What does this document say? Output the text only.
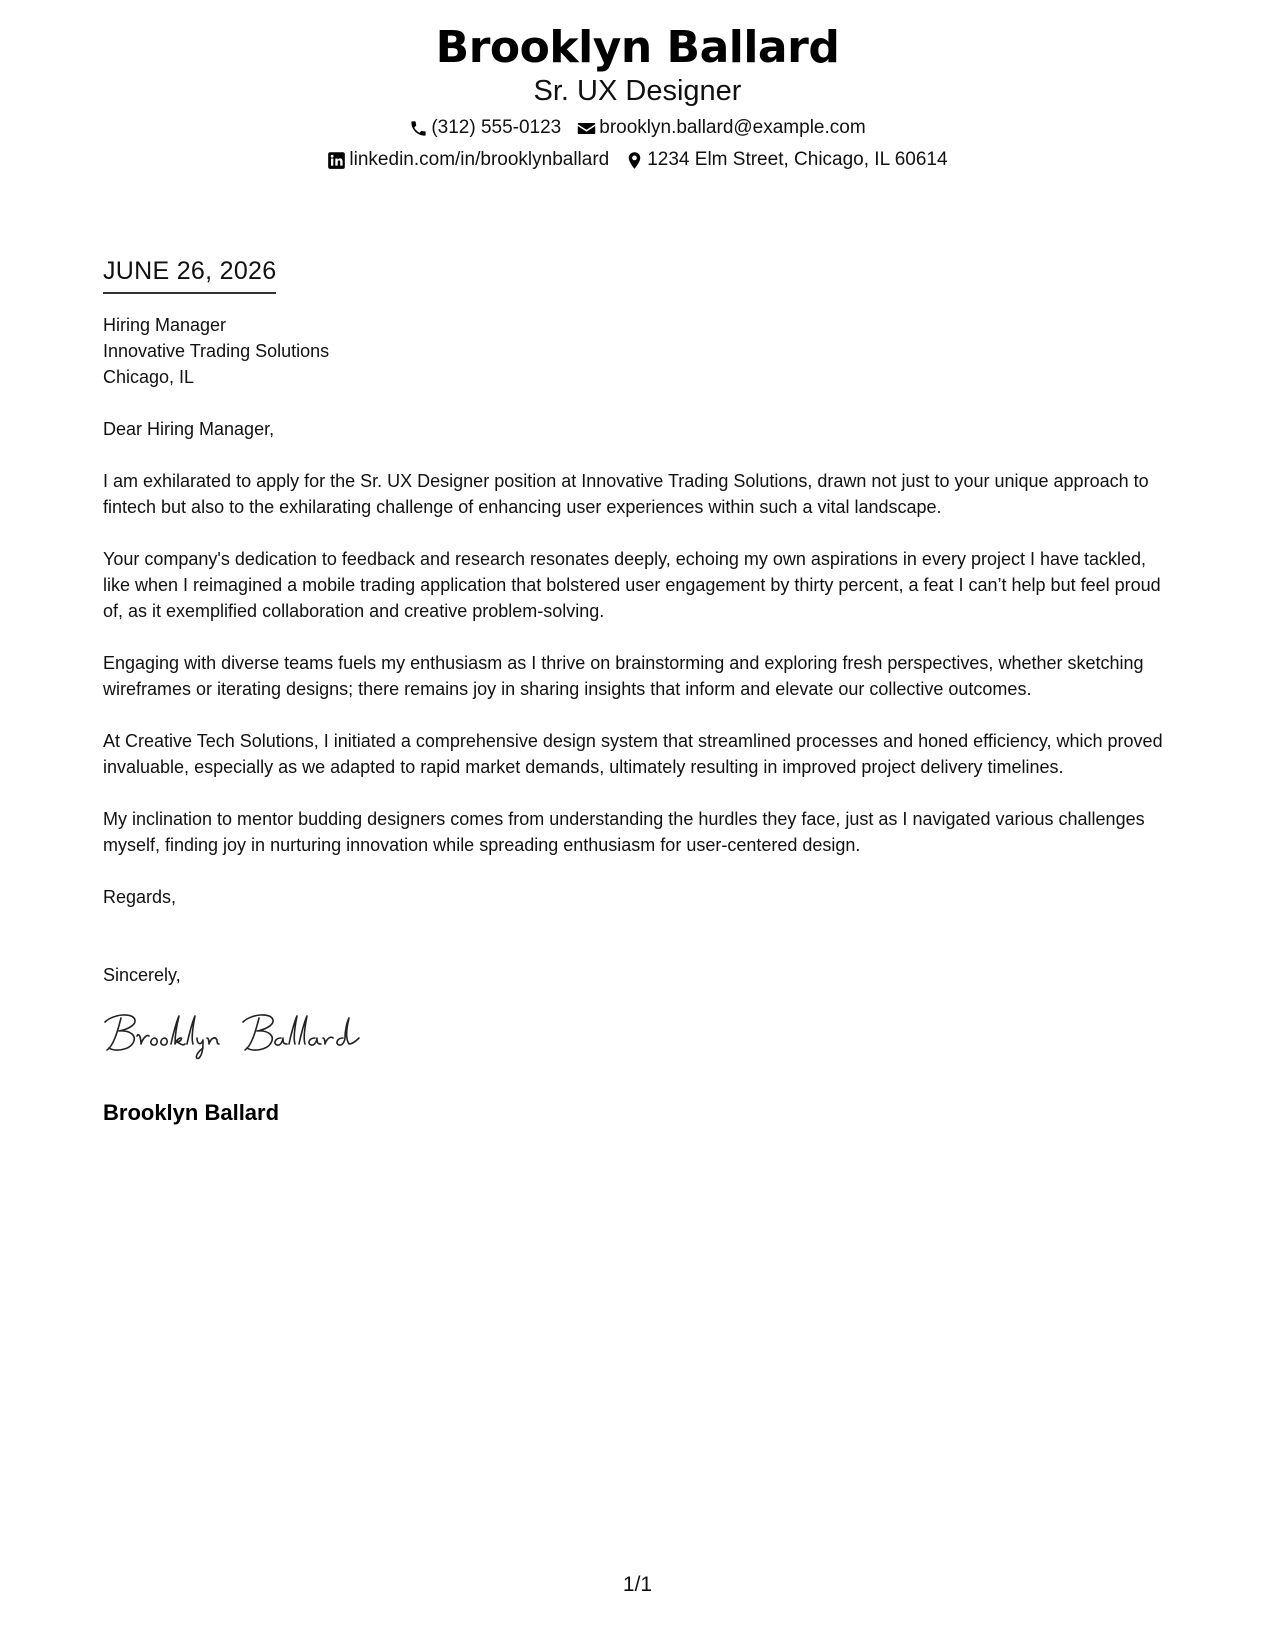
Brooklyn Ballard
Sr. UX Designer
(312) 555-0123 brooklyn.ballard@example.com
linkedin.com/in/brooklynballard 1234 Elm Street, Chicago, IL 60614
JUNE 26, 2026
Hiring Manager
Innovative Trading Solutions
Chicago, IL
Dear Hiring Manager,
I am exhilarated to apply for the Sr. UX Designer position at Innovative Trading Solutions, drawn not just to your unique approach to fintech but also to the exhilarating challenge of enhancing user experiences within such a vital landscape.
Your company's dedication to feedback and research resonates deeply, echoing my own aspirations in every project I have tackled, like when I reimagined a mobile trading application that bolstered user engagement by thirty percent, a feat I can’t help but feel proud of, as it exemplified collaboration and creative problem-solving.
Engaging with diverse teams fuels my enthusiasm as I thrive on brainstorming and exploring fresh perspectives, whether sketching wireframes or iterating designs; there remains joy in sharing insights that inform and elevate our collective outcomes.
At Creative Tech Solutions, I initiated a comprehensive design system that streamlined processes and honed efficiency, which proved invaluable, especially as we adapted to rapid market demands, ultimately resulting in improved project delivery timelines.
My inclination to mentor budding designers comes from understanding the hurdles they face, just as I navigated various challenges myself, finding joy in nurturing innovation while spreading enthusiasm for user-centered design.
Regards,
Sincerely,
Brooklyn Ballard
1/1
